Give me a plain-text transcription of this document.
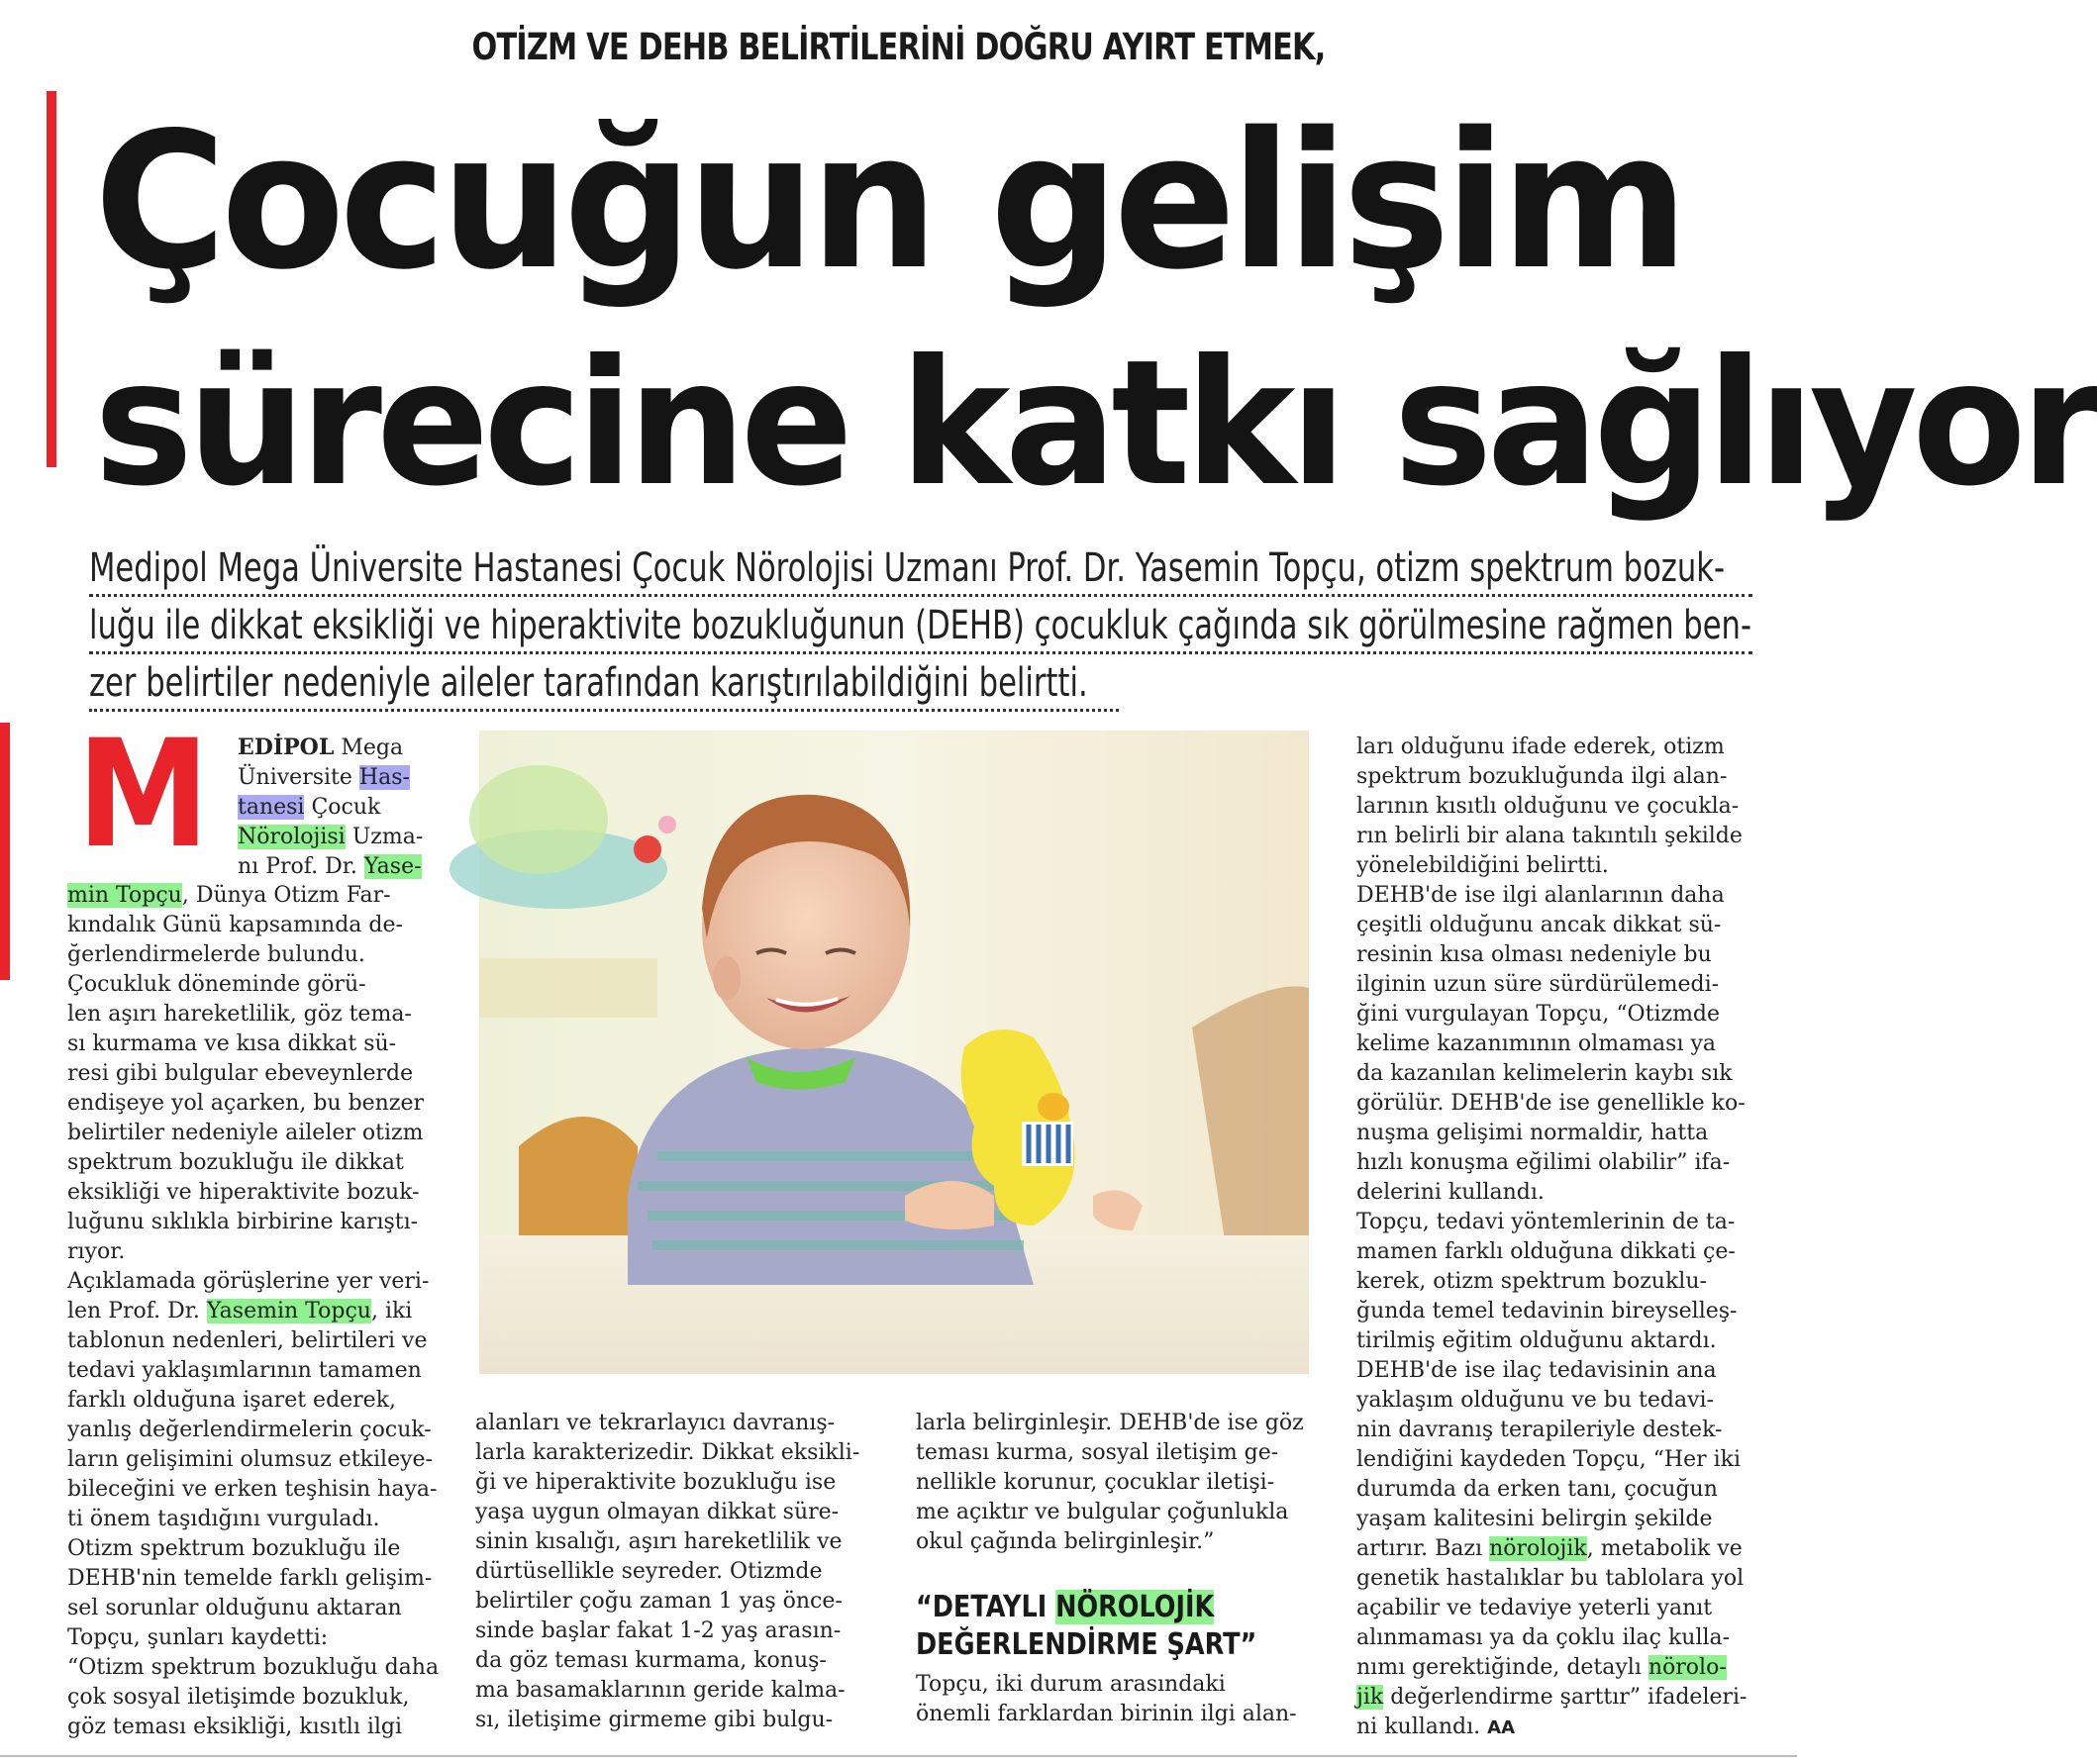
OTİZM VE DEHB BELİRTİLERİNİ DOĞRU AYIRT ETMEK,
Çocuğun gelişim
sürecine katkı sağlıyor

Medipol Mega Üniversite Hastanesi Çocuk Nörolojisi Uzmanı Prof. Dr. Yasemin Topçu, otizm spektrum bozuk-

luğu ile dikkat eksikliği ve hiperaktivite bozukluğunun (DEHB) çocukluk çağında sık görülmesine rağmen ben-

zer belirtiler nedeniyle aileler tarafından karıştırılabildiğini belirtti.

M EDİPOL Mega

Üniversite Has-

tanesi Çocuk

Nörolojisi Uzma-

nı Prof. Dr. Yase-

min Topçu, Dünya Otizm Far-

kındalık Günü kapsamında de-

ğerlendirmelerde bulundu.

Çocukluk döneminde görü-

len aşırı hareketlilik, göz tema-

sı kurmama ve kısa dikkat sü-

resi gibi bulgular ebeveynlerde

endişeye yol açarken, bu benzer

belirtiler nedeniyle aileler otizm

spektrum bozukluğu ile dikkat

eksikliği ve hiperaktivite bozuk-

luğunu sıklıkla birbirine karıştı-

rıyor.

Açıklamada görüşlerine yer veri-

len Prof. Dr. Yasemin Topçu, iki

tablonun nedenleri, belirtileri ve

tedavi yaklaşımlarının tamamen

farklı olduğuna işaret ederek,

yanlış değerlendirmelerin çocuk-

ların gelişimini olumsuz etkileye-

bileceğini ve erken teşhisin haya-

ti önem taşıdığını vurguladı.

Otizm spektrum bozukluğu ile

DEHB'nin temelde farklı gelişim-

sel sorunlar olduğunu aktaran

Topçu, şunları kaydetti:

“Otizm spektrum bozukluğu daha

çok sosyal iletişimde bozukluk,

göz teması eksikliği, kısıtlı ilgi

alanları ve tekrarlayıcı davranış-

larla karakterizedir. Dikkat eksikli-

ği ve hiperaktivite bozukluğu ise

yaşa uygun olmayan dikkat süre-

sinin kısalığı, aşırı hareketlilik ve

dürtüsellikle seyreder. Otizmde

belirtiler çoğu zaman 1 yaş önce-

sinde başlar fakat 1-2 yaş arasın-

da göz teması kurmama, konuş-

ma basamaklarının geride kalma-

sı, iletişime girmeme gibi bulgu-

larla belirginleşir. DEHB'de ise göz

teması kurma, sosyal iletişim ge-

nellikle korunur, çocuklar iletişi-

me açıktır ve bulgular çoğunlukla

okul çağında belirginleşir.”

“DETAYLI NÖROLOJİK

DEĞERLENDİRME ŞART”

Topçu, iki durum arasındaki

önemli farklardan birinin ilgi alan-

ları olduğunu ifade ederek, otizm

spektrum bozukluğunda ilgi alan-

larının kısıtlı olduğunu ve çocukla-

rın belirli bir alana takıntılı şekilde

yönelebildiğini belirtti.

DEHB'de ise ilgi alanlarının daha

çeşitli olduğunu ancak dikkat sü-

resinin kısa olması nedeniyle bu

ilginin uzun süre sürdürülemedi-

ğini vurgulayan Topçu, “Otizmde

kelime kazanımının olmaması ya

da kazanılan kelimelerin kaybı sık

görülür. DEHB'de ise genellikle ko-

nuşma gelişimi normaldir, hatta

hızlı konuşma eğilimi olabilir” ifa-

delerini kullandı.

Topçu, tedavi yöntemlerinin de ta-

mamen farklı olduğuna dikkati çe-

kerek, otizm spektrum bozuklu-

ğunda temel tedavinin bireyselleş-

tirilmiş eğitim olduğunu aktardı.

DEHB'de ise ilaç tedavisinin ana

yaklaşım olduğunu ve bu tedavi-

nin davranış terapileriyle destek-

lendiğini kaydeden Topçu, “Her iki

durumda da erken tanı, çocuğun

yaşam kalitesini belirgin şekilde

artırır. Bazı nörolojik, metabolik ve

genetik hastalıklar bu tablolara yol

açabilir ve tedaviye yeterli yanıt

alınmaması ya da çoklu ilaç kulla-

nımı gerektiğinde, detaylı nörolo-

jik değerlendirme şarttır” ifadeleri-

ni kullandı. AA
